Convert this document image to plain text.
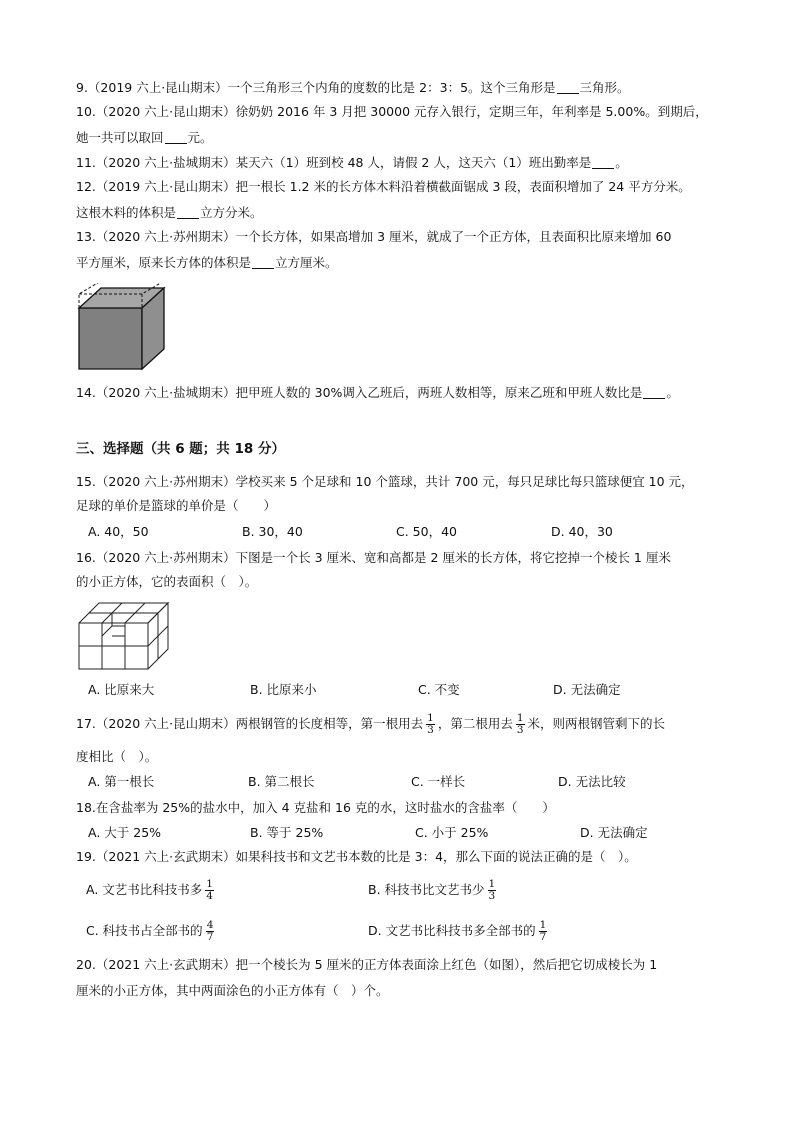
9.（2019 六上·昆山期末）一个三角形三个内角的度数的比是 2：3：5。这个三角形是 三角形。
10.（2020 六上·昆山期末）徐奶奶 2016 年 3 月把 30000 元存入银行，定期三年，年利率是 5.00%。到期后，
她一共可以取回 元。
11.（2020 六上·盐城期末）某天六（1）班到校 48 人，请假 2 人，这天六（1）班出勤率是 。
12.（2019 六上·昆山期末）把一根长 1.2 米的长方体木料沿着横截面锯成 3 段，表面积增加了 24 平方分米。
这根木料的体积是 立方分米。
13.（2020 六上·苏州期末）一个长方体，如果高增加 3 厘米，就成了一个正方体，且表面积比原来增加 60
平方厘米，原来长方体的体积是 立方厘米。
14.（2020 六上·盐城期末）把甲班人数的 30%调入乙班后，两班人数相等，原来乙班和甲班人数比是 。
三、选择题（共 6 题；共 18 分）
15.（2020 六上·苏州期末）学校买来 5 个足球和 10 个篮球，共计 700 元，每只足球比每只篮球便宜 10 元，
足球的单价是篮球的单价是（　　）
A. 40，50	B. 30，40	C. 50，40	D. 40，30
16.（2020 六上·苏州期末）下图是一个长 3 厘米、宽和高都是 2 厘米的长方体，将它挖掉一个棱长 1 厘米
的小正方体，它的表面积（　）。
A. 比原来大	B. 比原来小	C. 不变	D. 无法确定
17.（2020 六上·昆山期末）两根钢管的长度相等，第一根用去 $\frac{1}{3}$ ，第二根用去 $\frac{1}{3}$ 米，则两根钢管剩下的长
度相比（　）。
A. 第一根长	B. 第二根长	C. 一样长	D. 无法比较
18.在含盐率为 25%的盐水中，加入 4 克盐和 16 克的水，这时盐水的含盐率（　　）
A. 大于 25%	B. 等于 25%	C. 小于 25%	D. 无法确定
19.（2021 六上·玄武期末）如果科技书和文艺书本数的比是 3：4，那么下面的说法正确的是（　）。
A. 文艺书比科技书多 $\frac{1}{4}$	B. 科技书比文艺书少 $\frac{1}{3}$
C. 科技书占全部书的 $\frac{4}{7}$	D. 文艺书比科技书多全部书的 $\frac{1}{7}$
20.（2021 六上·玄武期末）把一个棱长为 5 厘米的正方体表面涂上红色（如图），然后把它切成棱长为 1
厘米的小正方体，其中两面涂色的小正方体有（　）个。
